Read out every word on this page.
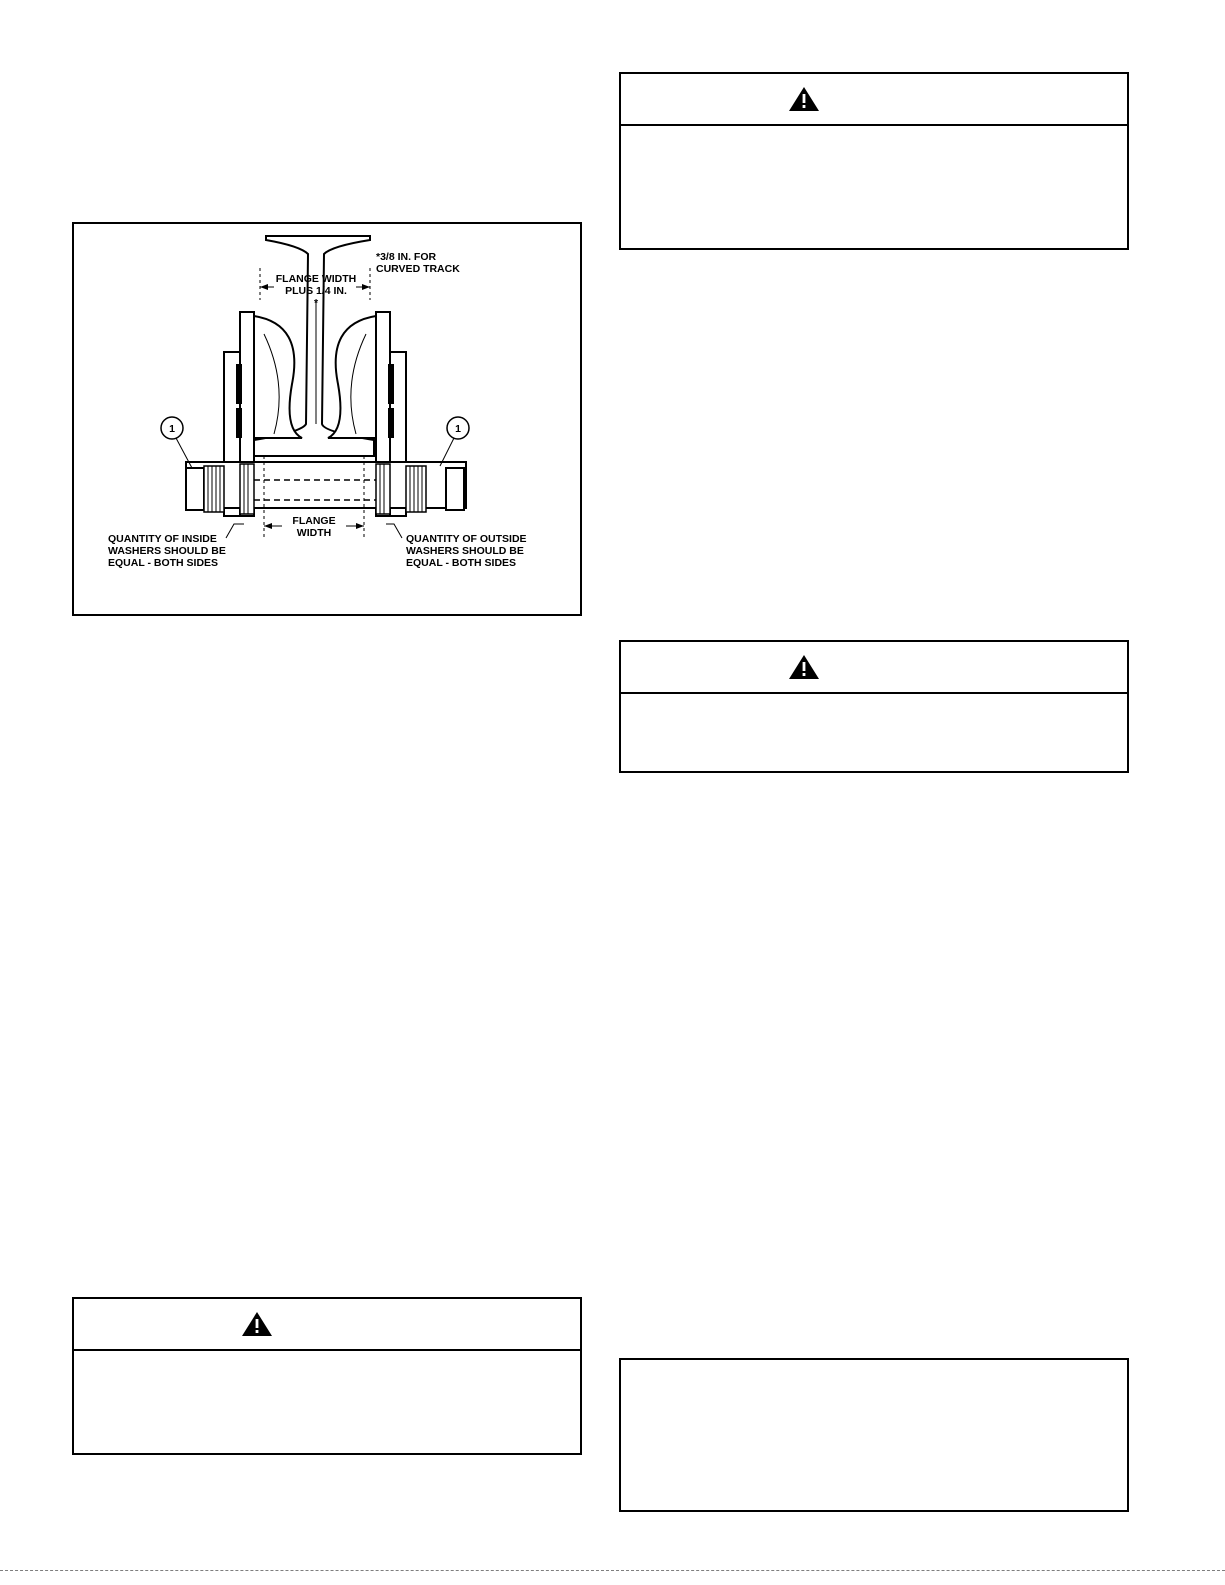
*3/8 IN. FOR
CURVED TRACK
FLANGE WIDTH
PLUS 1/4 IN.
*
FLANGE
WIDTH
1	1
QUANTITY OF INSIDE
WASHERS SHOULD BE
EQUAL - BOTH SIDES
QUANTITY OF OUTSIDE
WASHERS SHOULD BE
EQUAL - BOTH SIDES
